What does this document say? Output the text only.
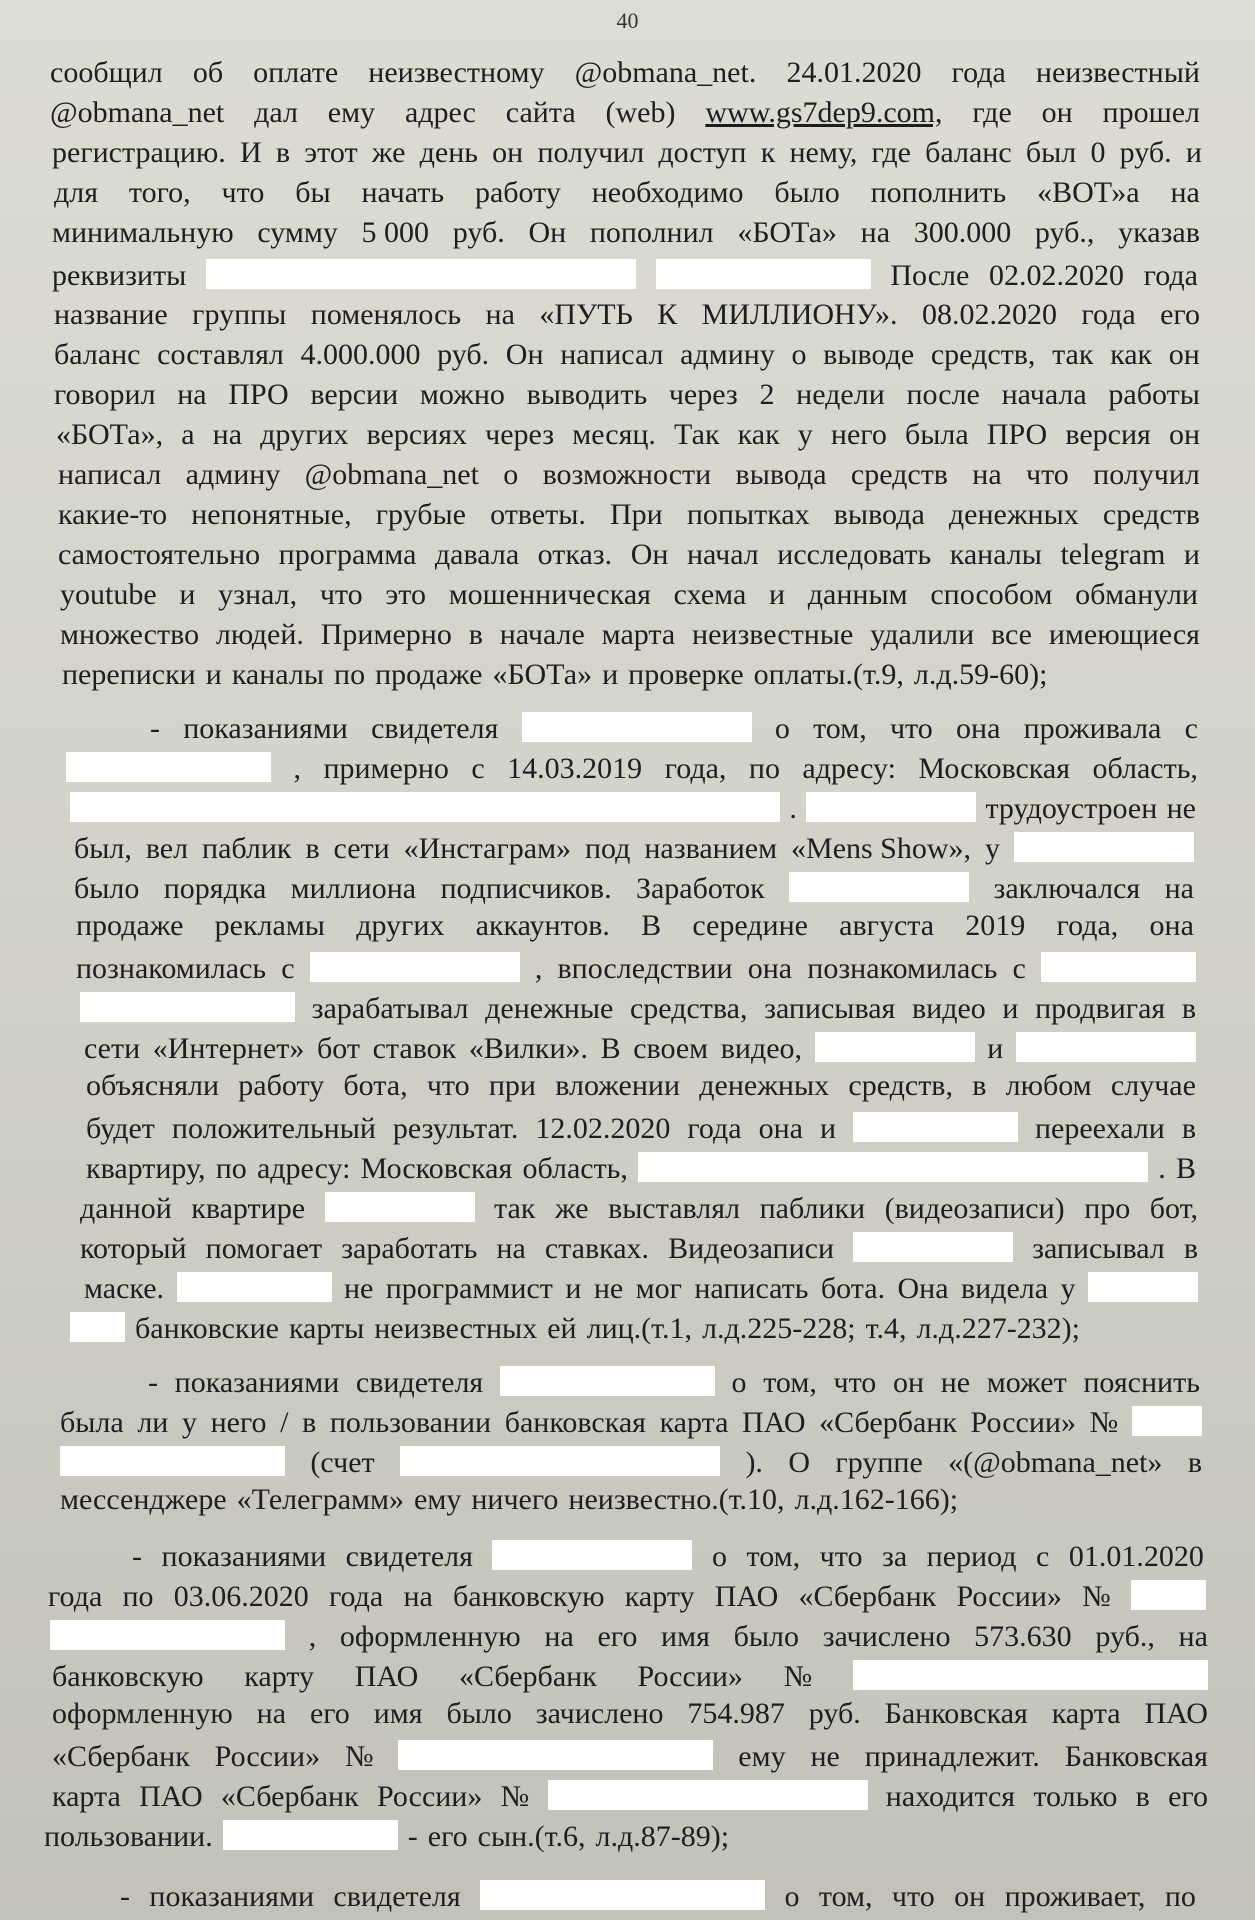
40
сообщил об оплате неизвестному @obmana_net. 24.01.2020 года неизвестный
@obmana_net дал ему адрес сайта (web) www.gs7dep9.com, где он прошел
регистрацию. И в этот же день он получил доступ к нему, где баланс был 0 руб. и
для того, что бы начать работу необходимо было пополнить «ВОТ»а на
минимальную сумму 5 000 руб. Он пополнил «БОТа» на 300.000 руб., указав
реквизиты	После 02.02.2020 года
название группы поменялось на «ПУТЬ К МИЛЛИОНУ». 08.02.2020 года его
баланс составлял 4.000.000 руб. Он написал админу о выводе средств, так как он
говорил на ПРО версии можно выводить через 2 недели после начала работы
«БОТа», а на других версиях через месяц. Так как у него была ПРО версия он
написал админу @obmana_net о возможности вывода средств на что получил
какие-то непонятные, грубые ответы. При попытках вывода денежных средств
самостоятельно программа давала отказ. Он начал исследовать каналы telegram и
youtube и узнал, что это мошенническая схема и данным способом обманули
множество людей. Примерно в начале марта неизвестные удалили все имеющиеся
переписки и каналы по продаже «БОТа» и проверке оплаты.(т.9, л.д.59-60);
- показаниями свидетеля	о том, что она проживала с
, примерно с 14.03.2019 года, по адресу: Московская область,
.	трудоустроен не
был, вел паблик в сети «Инстаграм» под названием «Mens Show», у
было порядка миллиона подписчиков. Заработок	заключался на
продаже рекламы других аккаунтов. В середине августа 2019 года, она
познакомилась с	, впоследствии она познакомилась с
зарабатывал денежные средства, записывая видео и продвигая в
сети «Интернет» бот ставок «Вилки». В своем видео,	и
объясняли работу бота, что при вложении денежных средств, в любом случае
будет положительный результат. 12.02.2020 года она и	переехали в
квартиру, по адресу: Московская область,	. В
данной квартире	так же выставлял паблики (видеозаписи) про бот,
который помогает заработать на ставках. Видеозаписи	записывал в
маске.	не программист и не мог написать бота. Она видела у
банковские карты неизвестных ей лиц.(т.1, л.д.225-228; т.4, л.д.227-232);
- показаниями свидетеля	о том, что он не может пояснить
была ли у него / в пользовании банковская карта ПАО «Сбербанк России» №
(счет	). О группе «(@obmana_net» в
мессенджере «Телеграмм» ему ничего неизвестно.(т.10, л.д.162-166);
- показаниями свидетеля	о том, что за период с 01.01.2020
года по 03.06.2020 года на банковскую карту ПАО «Сбербанк России» №
, оформленную на его имя было зачислено 573.630 руб., на
банковскую карту ПАО «Сбербанк России» №
оформленную на его имя было зачислено 754.987 руб. Банковская карта ПАО
«Сбербанк России» №	ему не принадлежит. Банковская
карта ПАО «Сбербанк России» №	находится только в его
пользовании.	- его сын.(т.6, л.д.87-89);
- показаниями свидетеля	о том, что он проживает, по
